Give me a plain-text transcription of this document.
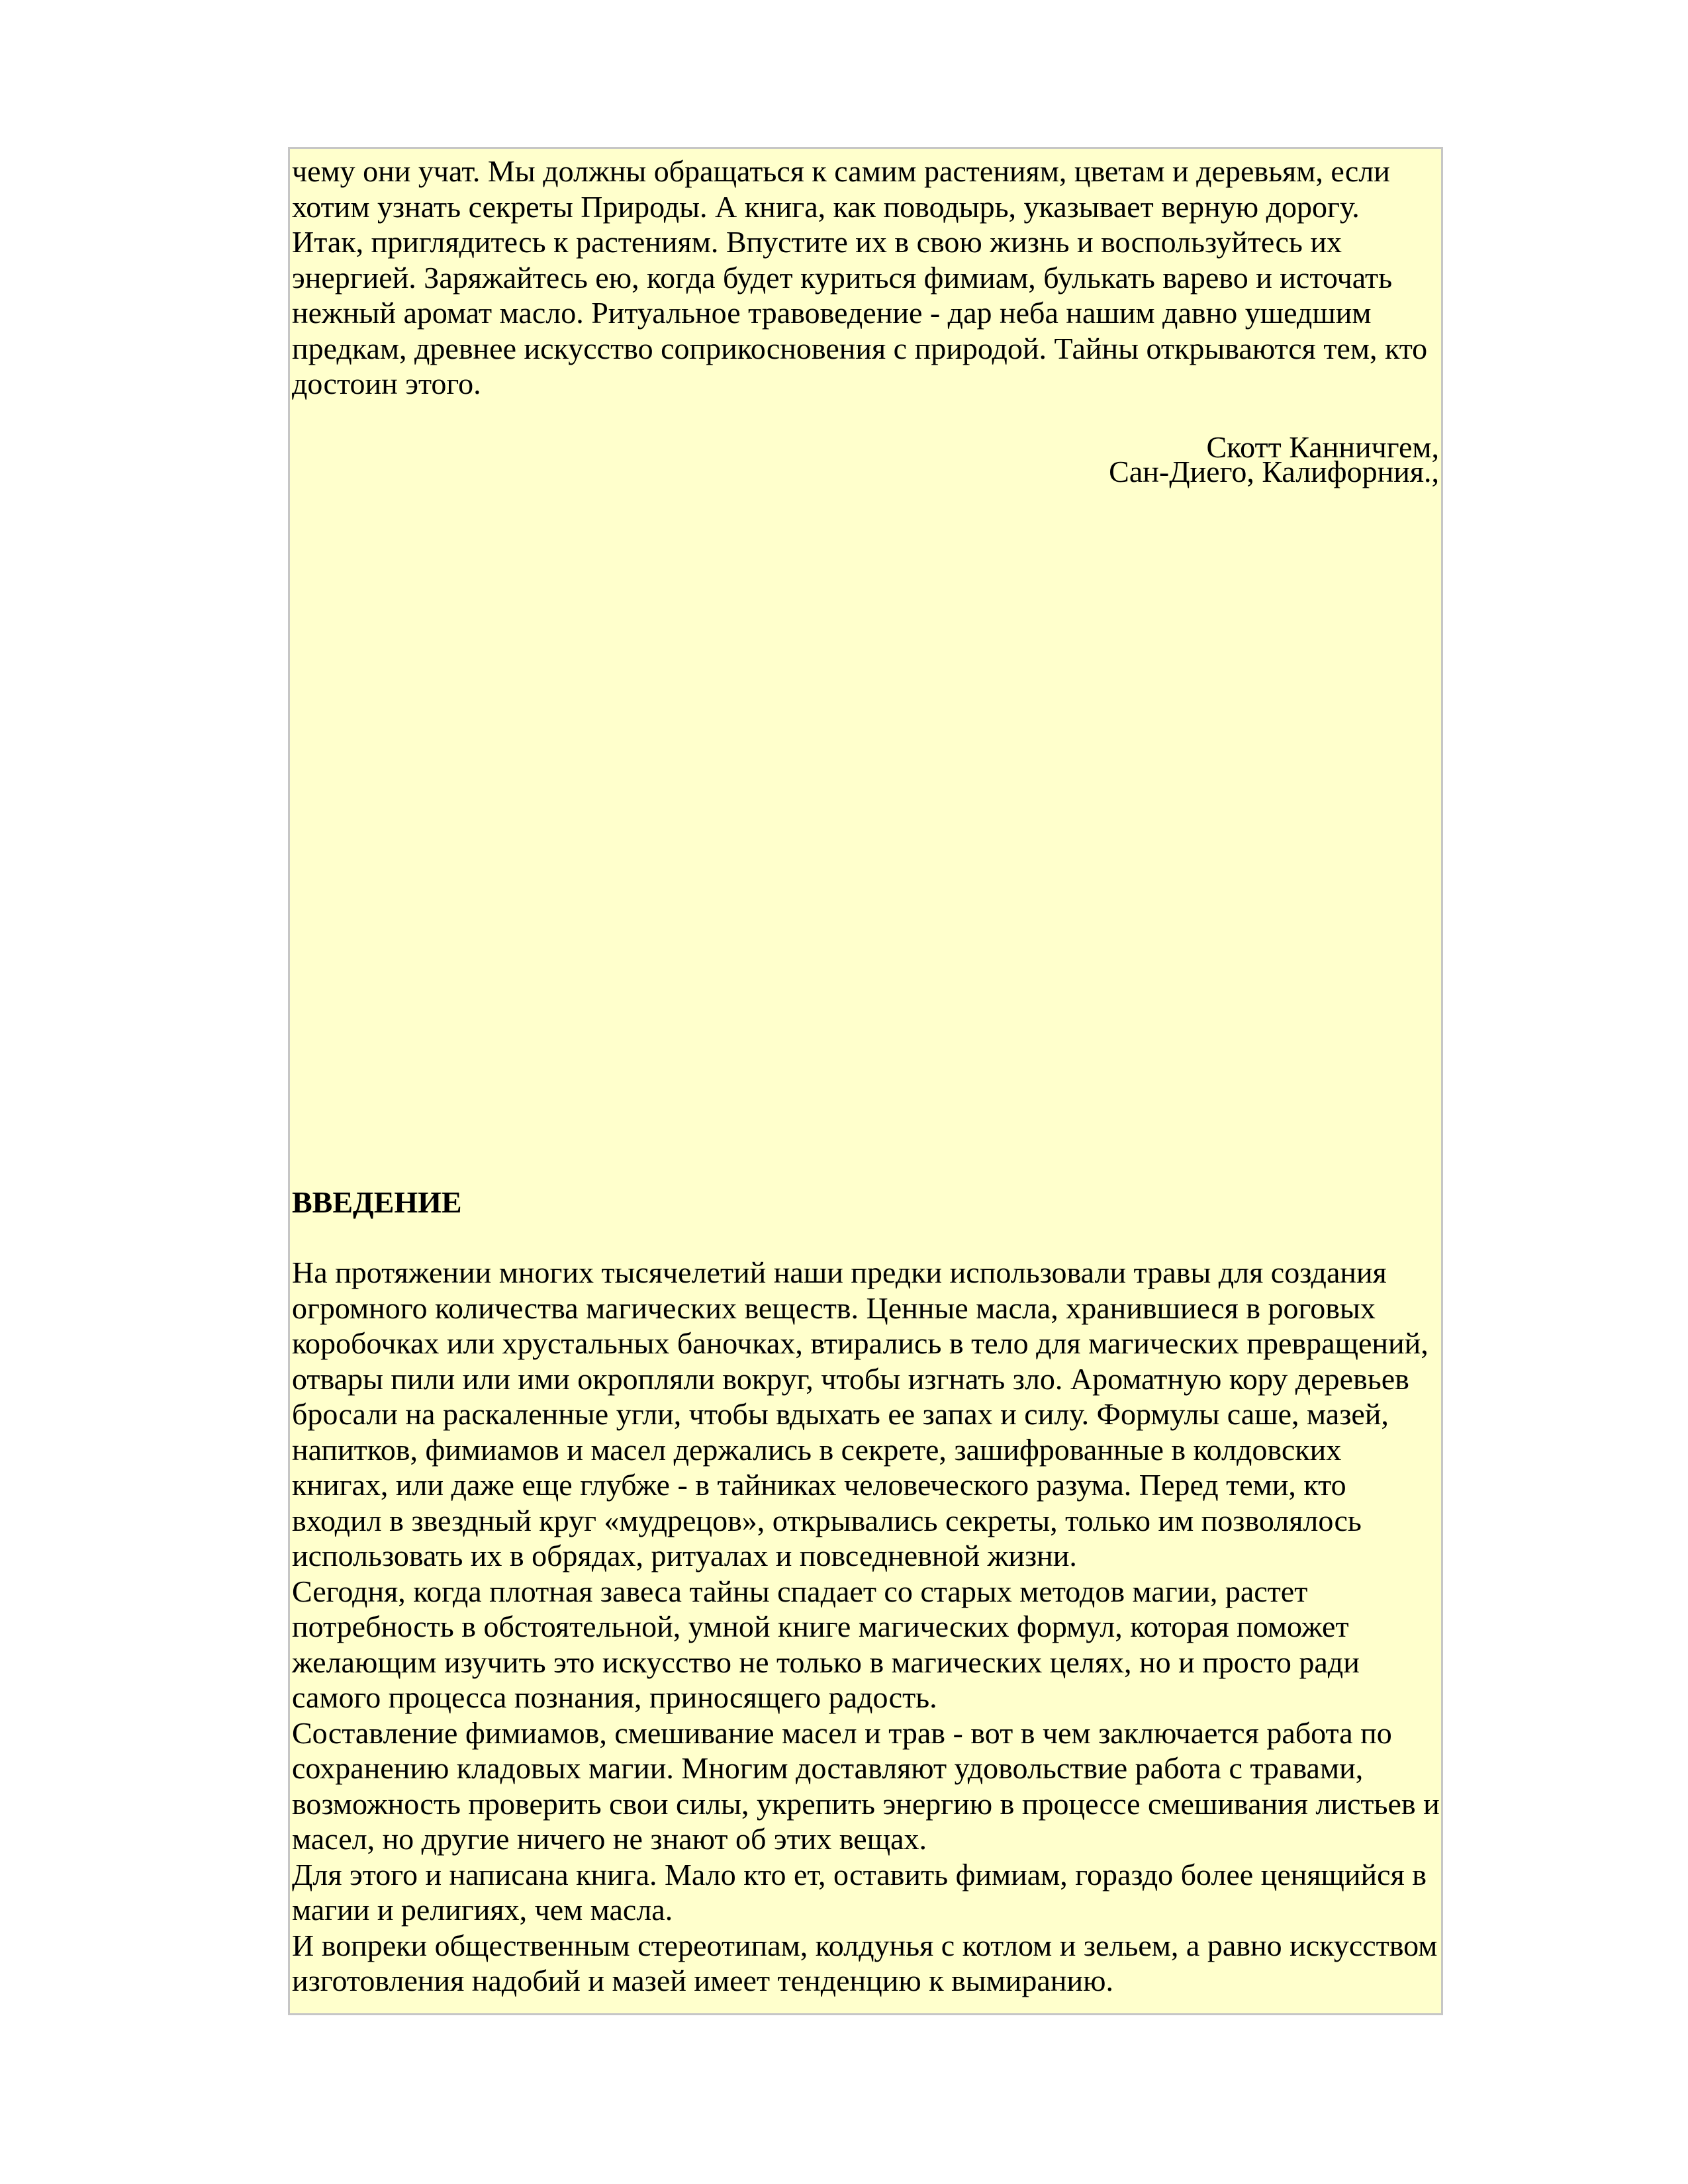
чему они учат. Мы должны обращаться к самим растениям, цветам и деревьям, если хотим узнать секреты Природы. А книга, как поводырь, указывает верную дорогу. Итак, приглядитесь к растениям. Впустите их в свою жизнь и воспользуйтесь их энергией. Заряжайтесь ею, когда будет куриться фимиам, булькать варево и источать нежный аромат масло. Ритуальное травоведение - дар неба нашим давно ушедшим предкам, древнее искусство соприкосновения с природой. Тайны открываются тем, кто достоин этого.

Скотт Канничгем,
Сан-Диего, Калифорния.,
ВВЕДЕНИЕ

На протяжении многих тысячелетий наши предки использовали травы для создания огромного количества магических веществ. Ценные масла, хранившиеся в роговых коробочках или хрустальных баночках, втирались в тело для магических превращений, отвары пили или ими окропляли вокруг, чтобы изгнать зло. Ароматную кору деревьев бросали на раскаленные угли, чтобы вдыхать ее запах и силу. Формулы саше, мазей, напитков, фимиамов и масел держались в секрете, зашифрованные в колдовских книгах, или даже еще глубже - в тайниках человеческого разума. Перед теми, кто входил в звездный круг «мудрецов», открывались секреты, только им позволялось использовать их в обрядах, ритуалах и повседневной жизни.

Сегодня, когда плотная завеса тайны спадает со старых методов магии, растет потребность в обстоятельной, умной книге магических формул, которая поможет желающим изучить это искусство не только в магических целях, но и просто ради самого процесса познания, приносящего радость.

Составление фимиамов, смешивание масел и трав - вот в чем заключается работа по сохранению кладовых магии. Многим доставляют удовольствие работа с травами, возможность проверить свои силы, укрепить энергию в процессе смешивания листьев и масел, но другие ничего не знают об этих вещах.

Для этого и написана книга. Мало кто ет, оставить фимиам, гораздо более ценящийся в магии и религиях, чем масла.

И вопреки общественным стереотипам, колдунья с котлом и зельем, а равно искусством изготовления надобий и мазей имеет тенденцию к вымиранию.
